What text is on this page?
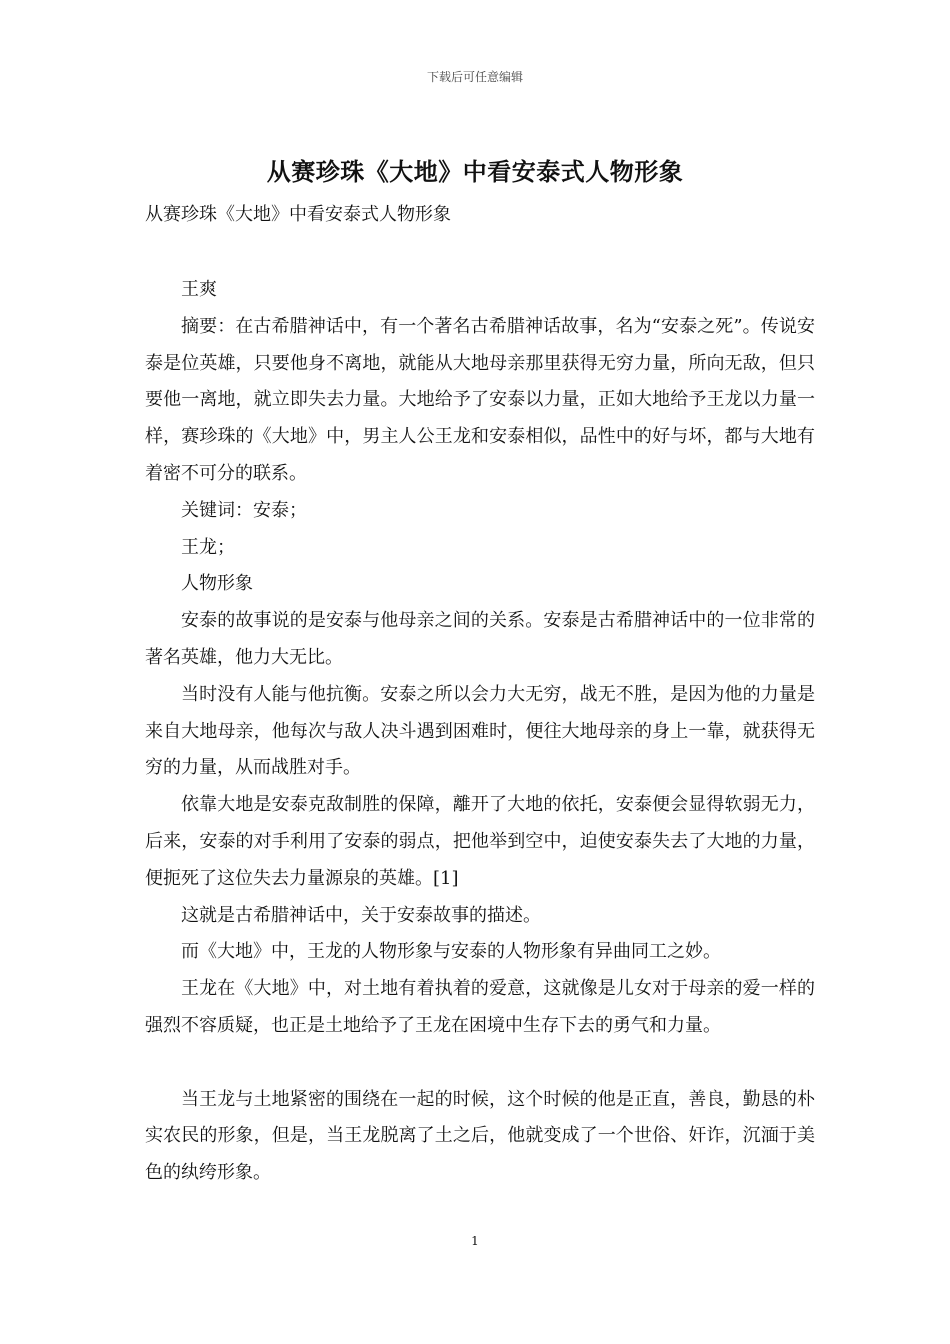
下载后可任意编辑
从赛珍珠《大地》中看安泰式人物形象
从赛珍珠《大地》中看安泰式人物形象

王爽

摘要：在古希腊神话中，有一个著名古希腊神话故事，名为“安泰之死”。传说安泰是位英雄，只要他身不离地，就能从大地母亲那里获得无穷力量，所向无敌，但只要他一离地，就立即失去力量。大地给予了安泰以力量，正如大地给予王龙以力量一样，赛珍珠的《大地》中，男主人公王龙和安泰相似，品性中的好与坏，都与大地有着密不可分的联系。

关键词：安泰；

王龙；

人物形象

安泰的故事说的是安泰与他母亲之间的关系。安泰是古希腊神话中的一位非常的著名英雄，他力大无比。

当时没有人能与他抗衡。安泰之所以会力大无穷，战无不胜，是因为他的力量是来自大地母亲，他每次与敌人决斗遇到困难时，便往大地母亲的身上一靠，就获得无穷的力量，从而战胜对手。

依靠大地是安泰克敌制胜的保障，離开了大地的依托，安泰便会显得软弱无力，后来，安泰的对手利用了安泰的弱点，把他举到空中，迫使安泰失去了大地的力量，便扼死了这位失去力量源泉的英雄。[1]

这就是古希腊神话中，关于安泰故事的描述。

而《大地》中，王龙的人物形象与安泰的人物形象有异曲同工之妙。

王龙在《大地》中，对土地有着执着的爱意，这就像是儿女对于母亲的爱一样的强烈不容质疑，也正是土地给予了王龙在困境中生存下去的勇气和力量。

当王龙与土地紧密的围绕在一起的时候，这个时候的他是正直，善良，勤恳的朴实农民的形象，但是，当王龙脱离了土之后，他就变成了一个世俗、奸诈，沉湎于美色的纨绔形象。

1
